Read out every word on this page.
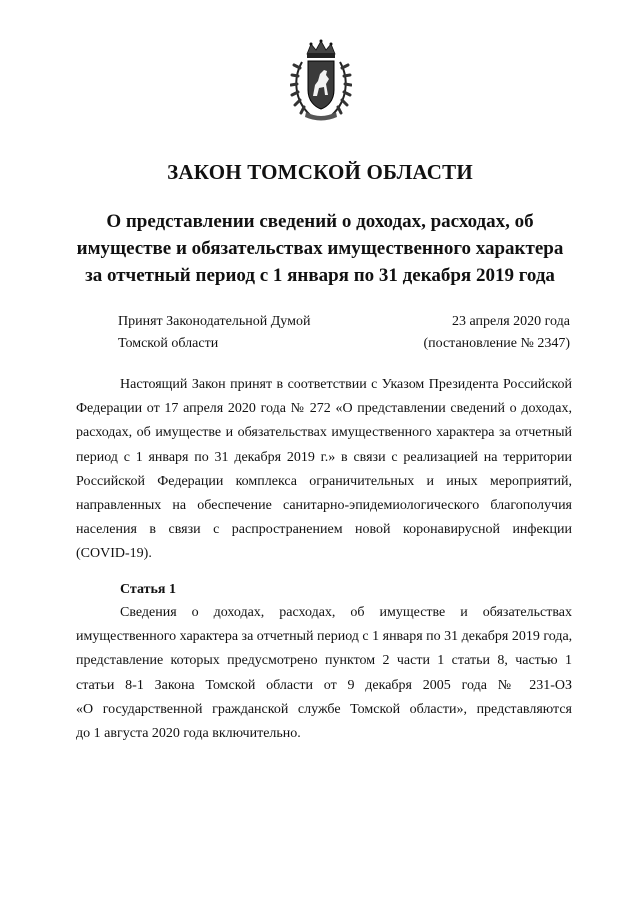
ЗАКОН ТОМСКОЙ ОБЛАСТИ
О представлении сведений о доходах, расходах, об
имуществе и обязательствах имущественного характера
за отчетный период с 1 января по 31 декабря 2019 года
Принят Законодательной Думой	23 апреля 2020 года
Томской области	(постановление № 2347)
Настоящий Закон принят в соответствии с Указом Президента Российской
Федерации от 17 апреля 2020 года № 272 «О представлении сведений о доходах,
расходах, об имуществе и обязательствах имущественного характера за отчетный
период с 1 января по 31 декабря 2019 г.» в связи с реализацией на территории
Российской Федерации комплекса ограничительных и иных мероприятий,
направленных на обеспечение санитарно-эпидемиологического благополучия
населения в связи с распространением новой коронавирусной инфекции
(COVID-19).
Статья 1
Сведения о доходах, расходах, об имуществе и обязательствах
имущественного характера за отчетный период с 1 января по 31 декабря 2019 года,
представление которых предусмотрено пунктом 2 части 1 статьи 8, частью 1
статьи 8-1 Закона Томской области от 9 декабря 2005 года № 231-ОЗ
«О государственной гражданской службе Томской области», представляются
до 1 августа 2020 года включительно.
